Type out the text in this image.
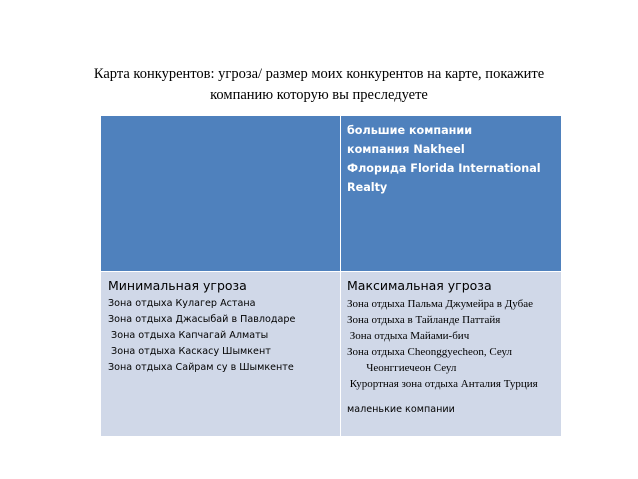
Карта конкурентов: угроза/ размер моих конкурентов на карте, покажите
компанию которую вы преследуете
большие компании
компания Nakheel
Флорида Florida International
Realty
Минимальная угроза
Зона отдыха Кулагер Астана
Зона отдыха Джасыбай в Павлодаре
Зона отдыха Капчагай Алматы
Зона отдыха Каскасу Шымкент
Зона отдыха Сайрам су в Шымкенте
Максимальная угроза
Зона отдыха Пальма Джумейра в Дубае
Зона отдыха в Тайланде Паттайя
Зона отдыха Майами-бич
Зона отдыха Cheonggyecheon, Сеул
Чеонггиечеон Сеул
Курортная зона отдыха Анталия Турция
маленькие компании
